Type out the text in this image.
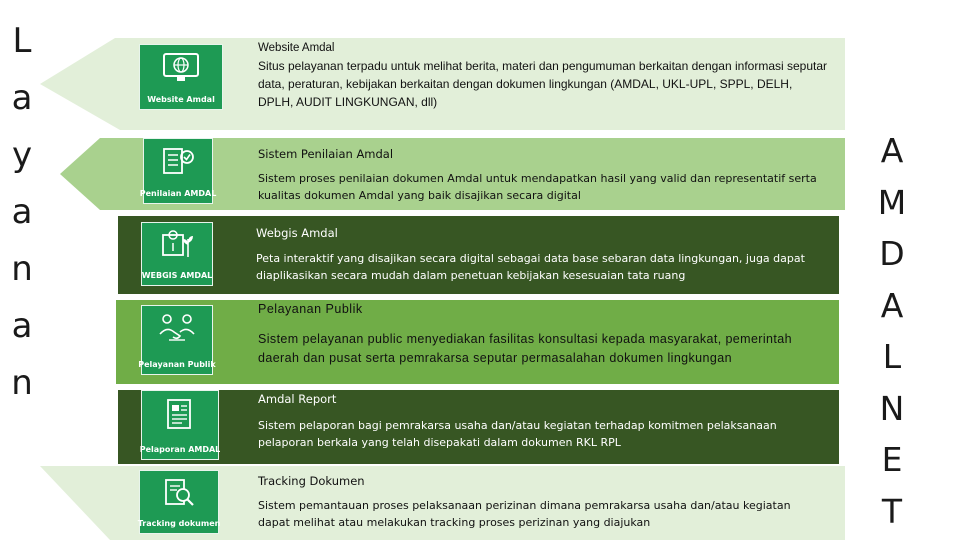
L
a
y
a
n
a
n
Website Amdal
Website Amdal
Situs pelayanan terpadu untuk melihat berita, materi dan pengumuman berkaitan dengan informasi seputar data, peraturan, kebijakan berkaitan dengan dokumen lingkungan (AMDAL, UKL-UPL, SPPL, DELH, DPLH, AUDIT LINGKUNGAN, dll)
Penilaian AMDAL
Sistem Penilaian Amdal
Sistem proses penilaian dokumen Amdal untuk mendapatkan hasil yang valid dan representatif serta kualitas dokumen Amdal yang baik disajikan secara digital
WEBGIS AMDAL
Webgis Amdal
Peta interaktif yang disajikan secara digital sebagai data base sebaran data lingkungan, juga dapat diaplikasikan secara mudah dalam penetuan kebijakan kesesuaian tata ruang
Pelayanan Publik
Pelayanan Publik
Sistem pelayanan public menyediakan fasilitas konsultasi kepada masyarakat, pemerintah daerah dan pusat serta pemrakarsa seputar permasalahan dokumen lingkungan
Pelaporan AMDAL
Amdal Report
Sistem pelaporan bagi pemrakarsa usaha dan/atau kegiatan terhadap komitmen pelaksanaan pelaporan berkala yang telah disepakati dalam dokumen RKL RPL
Tracking dokumen
Tracking Dokumen
Sistem pemantauan proses pelaksanaan perizinan dimana pemrakarsa usaha dan/atau kegiatan dapat melihat atau melakukan tracking proses perizinan yang diajukan
A
M
D
A
L
N
E
T
